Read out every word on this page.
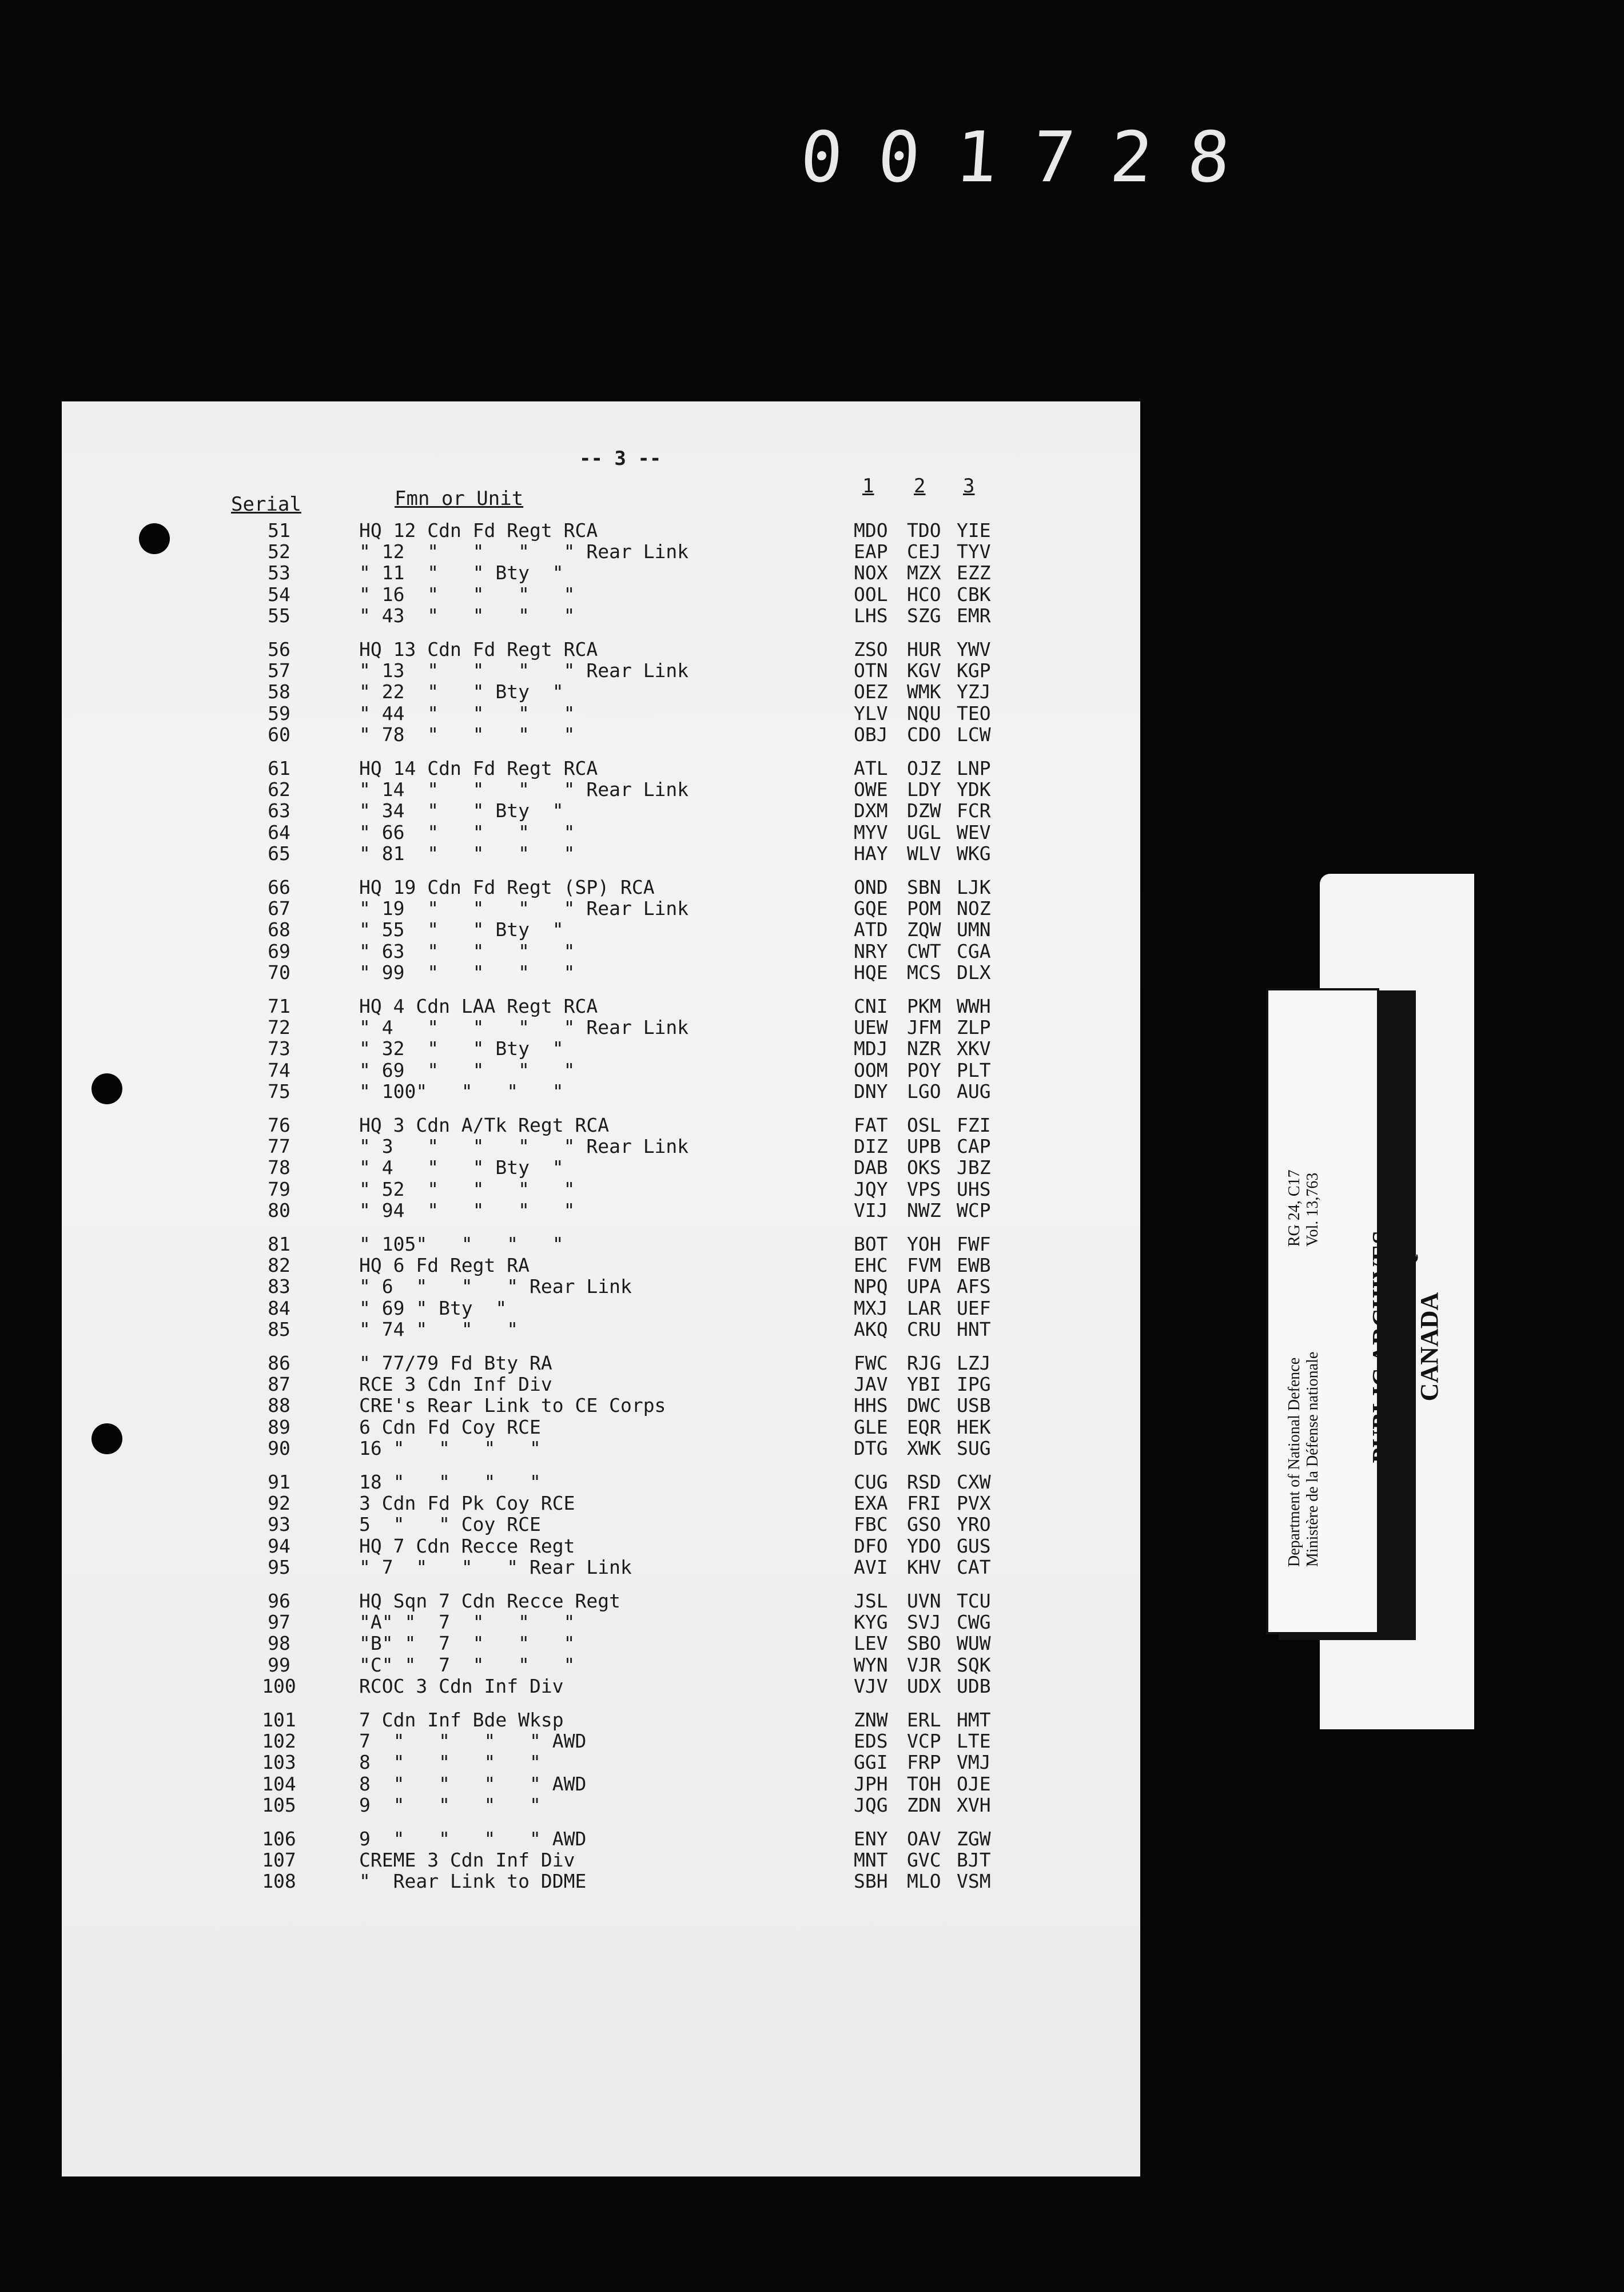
001728
-- 3 --
Serial	Fmn or Unit
1 2 3
51	HQ 12 Cdn Fd Regt RCA	MDO TDO YIE
52	" 12  "   "   "   " Rear Link	EAP CEJ TYV
53	" 11  "   " Bty  "	NOX MZX EZZ
54	" 16  "   "   "   "	OOL HCO CBK
55	" 43  "   "   "   "	LHS SZG EMR
56	HQ 13 Cdn Fd Regt RCA	ZSO HUR YWV
57	" 13  "   "   "   " Rear Link	OTN KGV KGP
58	" 22  "   " Bty  "	OEZ WMK YZJ
59	" 44  "   "   "   "	YLV NQU TEO
60	" 78  "   "   "   "	OBJ CDO LCW
61	HQ 14 Cdn Fd Regt RCA	ATL OJZ LNP
62	" 14  "   "   "   " Rear Link	OWE LDY YDK
63	" 34  "   " Bty  "	DXM DZW FCR
64	" 66  "   "   "   "	MYV UGL WEV
65	" 81  "   "   "   "	HAY WLV WKG
66	HQ 19 Cdn Fd Regt (SP) RCA	OND SBN LJK
67	" 19  "   "   "   " Rear Link	GQE POM NOZ
68	" 55  "   " Bty  "	ATD ZQW UMN
69	" 63  "   "   "   "	NRY CWT CGA
70	" 99  "   "   "   "	HQE MCS DLX
71	HQ 4 Cdn LAA Regt RCA	CNI PKM WWH
72	" 4   "   "   "   " Rear Link	UEW JFM ZLP
73	" 32  "   " Bty  "	MDJ NZR XKV
74	" 69  "   "   "   "	OOM POY PLT
75	" 100"   "   "   "	DNY LGO AUG
76	HQ 3 Cdn A/Tk Regt RCA	FAT OSL FZI
77	" 3   "   "   "   " Rear Link	DIZ UPB CAP
78	" 4   "   " Bty  "	DAB OKS JBZ
79	" 52  "   "   "   "	JQY VPS UHS
80	" 94  "   "   "   "	VIJ NWZ WCP
81	" 105"   "   "   "	BOT YOH FWF
82	HQ 6 Fd Regt RA	EHC FVM EWB
83	" 6  "   "   " Rear Link	NPQ UPA AFS
84	" 69 " Bty  "	MXJ LAR UEF
85	" 74 "   "   "	AKQ CRU HNT
86	" 77/79 Fd Bty RA	FWC RJG LZJ
87	RCE 3 Cdn Inf Div	JAV YBI IPG
88	CRE's Rear Link to CE Corps	HHS DWC USB
89	6 Cdn Fd Coy RCE	GLE EQR HEK
90	16 "   "   "   "	DTG XWK SUG
91	18 "   "   "   "	CUG RSD CXW
92	3 Cdn Fd Pk Coy RCE	EXA FRI PVX
93	5  "   " Coy RCE	FBC GSO YRO
94	HQ 7 Cdn Recce Regt	DFO YDO GUS
95	" 7  "   "   " Rear Link	AVI KHV CAT
96	HQ Sqn 7 Cdn Recce Regt	JSL UVN TCU
97	"A" "  7  "   "   "	KYG SVJ CWG
98	"B" "  7  "   "   "	LEV SBO WUW
99	"C" "  7  "   "   "	WYN VJR SQK
100	RCOC 3 Cdn Inf Div	VJV UDX UDB
101	7 Cdn Inf Bde Wksp	ZNW ERL HMT
102	7  "   "   "   " AWD	EDS VCP LTE
103	8  "   "   "   "	GGI FRP VMJ
104	8  "   "   "   " AWD	JPH TOH OJE
105	9  "   "   "   "	JQG ZDN XVH
106	9  "   "   "   " AWD	ENY OAV ZGW
107	CREME 3 Cdn Inf Div	MNT GVC BJT
108	"  Rear Link to DDME	SBH MLO VSM
Department of National Defence Ministère de la Défense nationale
RG 24, C17 Vol. 13,763
PUBLIC ARCHIVES
ARCHIVES PUBLIQUES
CANADA
